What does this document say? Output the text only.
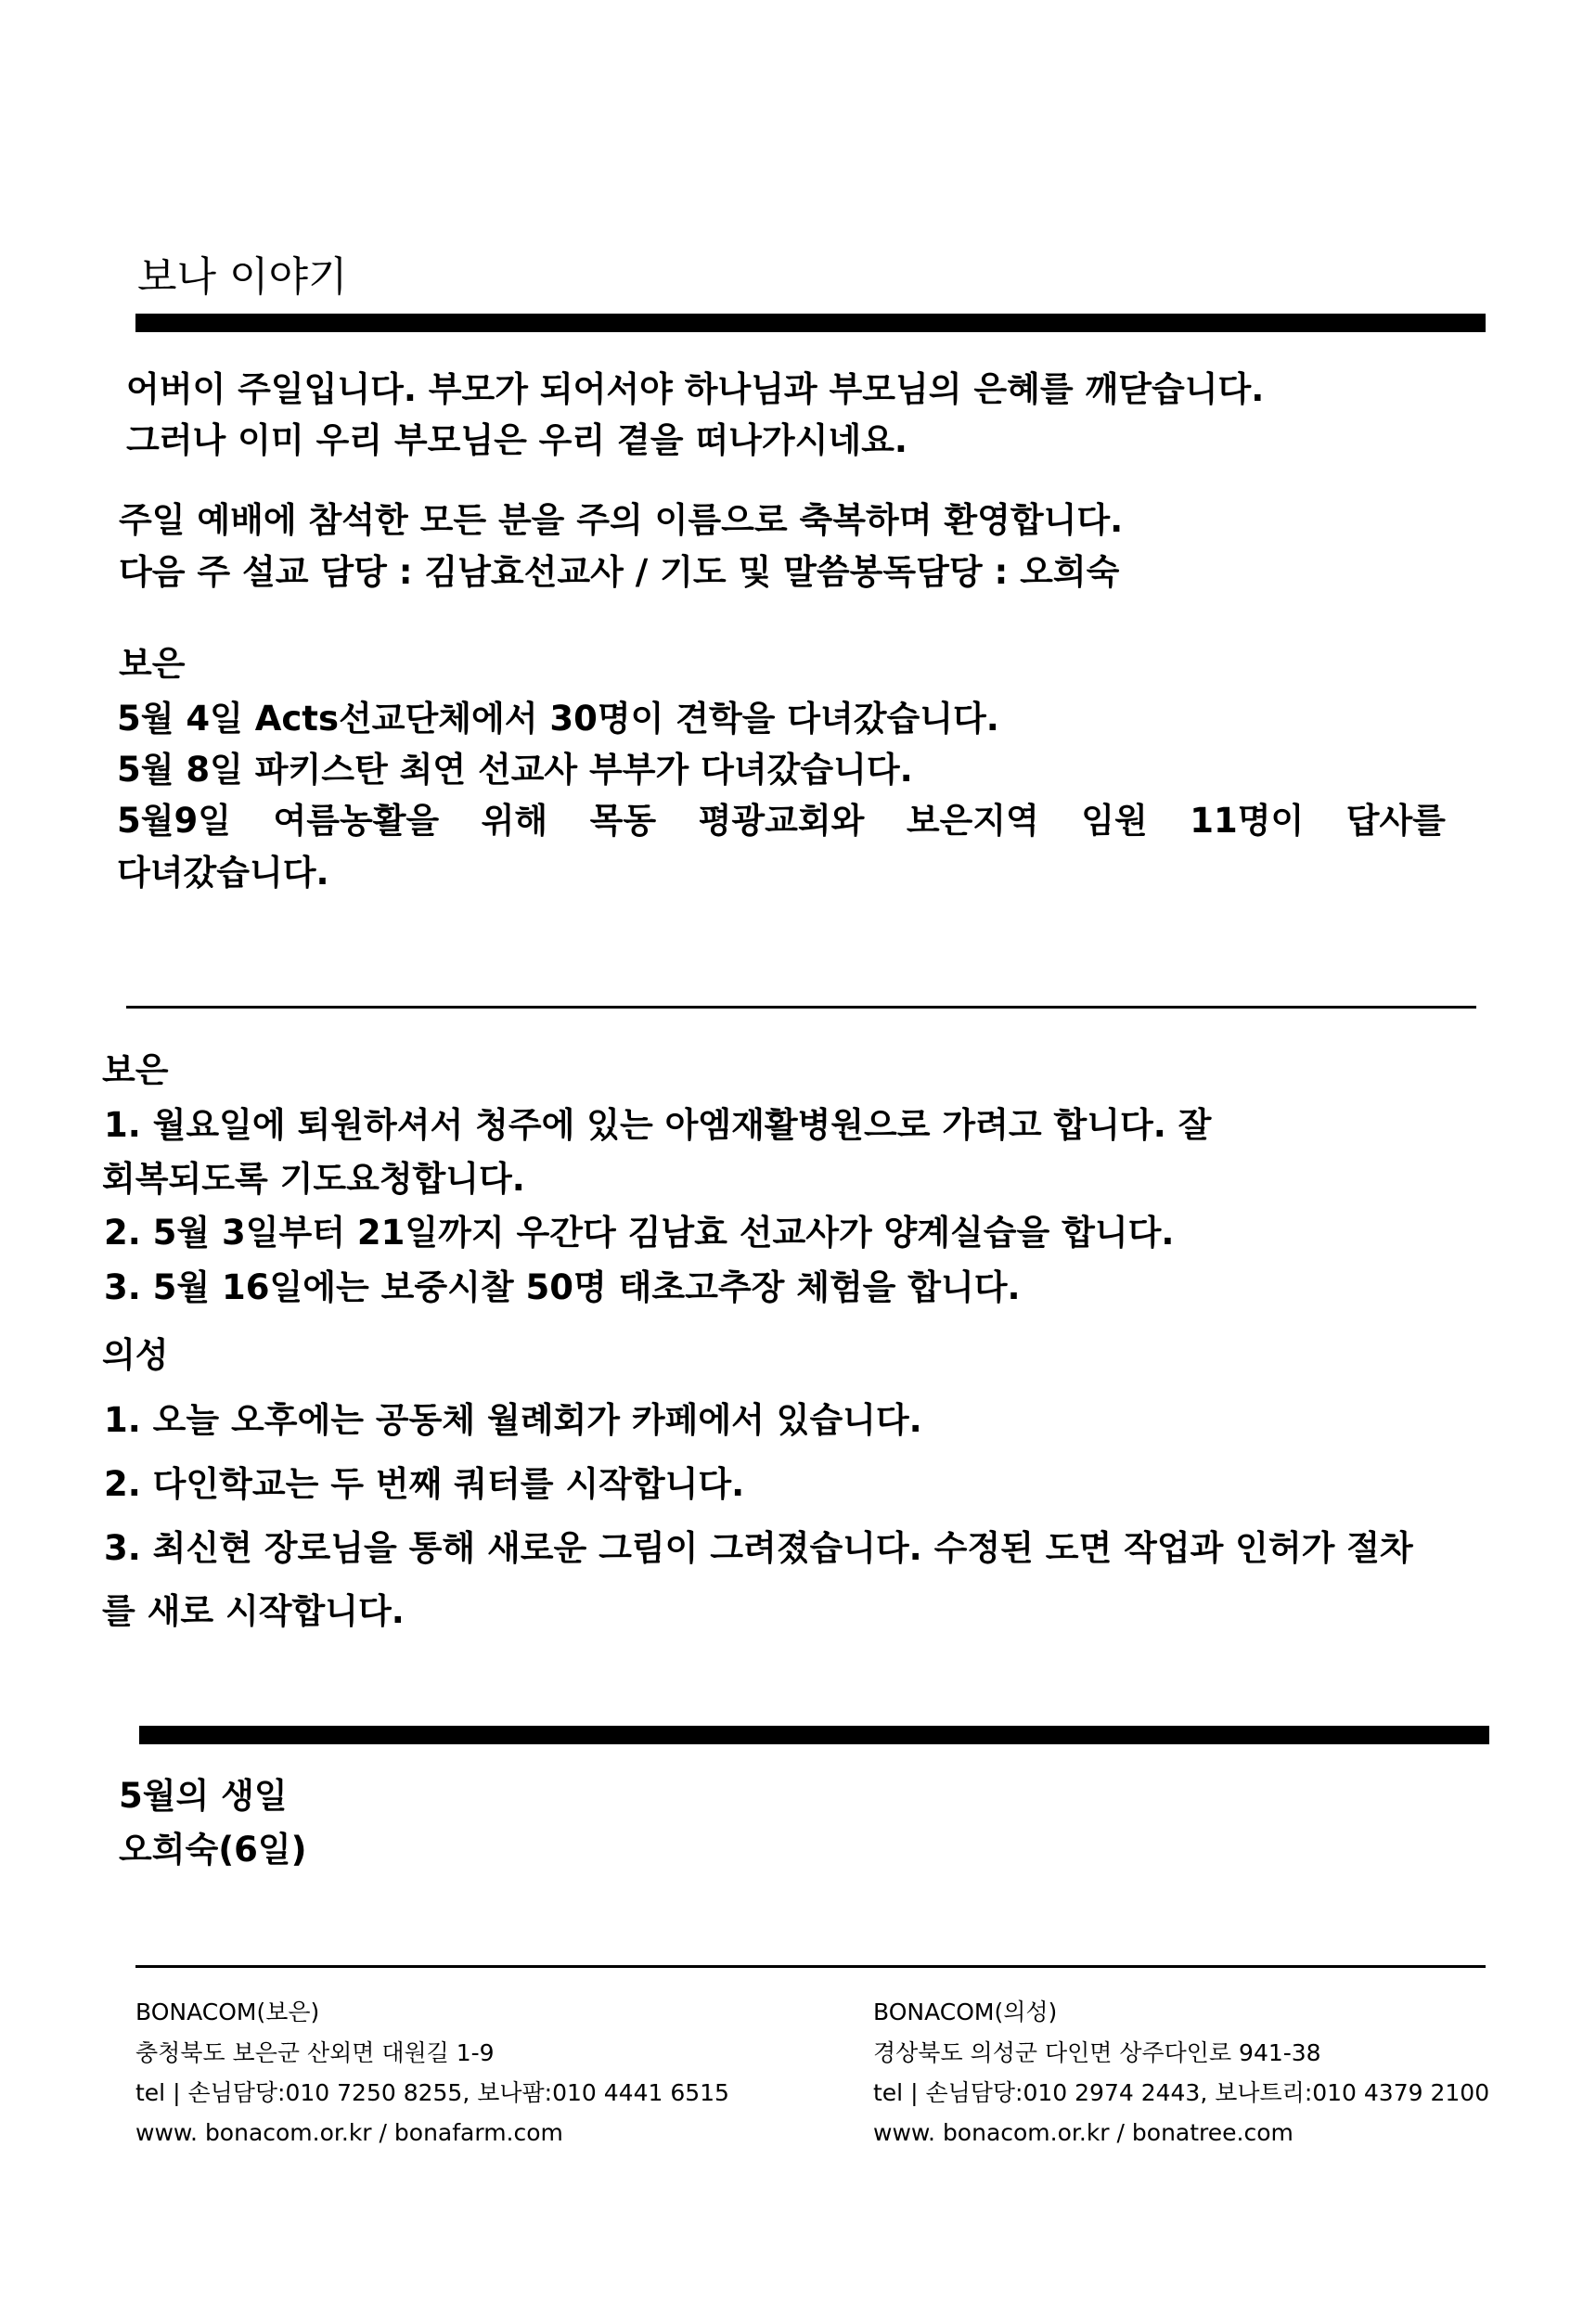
보나 이야기
어버이 주일입니다. 부모가 되어서야 하나님과 부모님의 은혜를 깨닫습니다.
그러나 이미 우리 부모님은 우리 곁을 떠나가시네요.
주일 예배에 참석한 모든 분을 주의 이름으로 축복하며 환영합니다.
다음 주 설교 담당 : 김남효선교사 / 기도 및 말씀봉독담당 : 오희숙
보은
5월 4일 Acts선교단체에서 30명이 견학을 다녀갔습니다.
5월 8일 파키스탄 최연 선교사 부부가 다녀갔습니다.
5월9일 여름농활을 위해 목동 평광교회와 보은지역 임원 11명이 답사를
다녀갔습니다.
보은
1. 월요일에 퇴원하셔서 청주에 있는 아엠재활병원으로 가려고 합니다. 잘
회복되도록 기도요청합니다.
2. 5월 3일부터 21일까지 우간다 김남효 선교사가 양계실습을 합니다.
3. 5월 16일에는 보중시찰 50명 태초고추장 체험을 합니다.
의성
1. 오늘 오후에는 공동체 월례회가 카페에서 있습니다.
2. 다인학교는 두 번째 쿼터를 시작합니다.
3. 최신현 장로님을 통해 새로운 그림이 그려졌습니다. 수정된 도면 작업과 인허가 절차
를 새로 시작합니다.
5월의 생일
오희숙(6일)
BONACOM(보은)
충청북도 보은군 산외면 대원길 1-9
tel | 손님담당:010 7250 8255, 보나팜:010 4441 6515
www. bonacom.or.kr / bonafarm.com
BONACOM(의성)
경상북도 의성군 다인면 상주다인로 941-38
tel | 손님담당:010 2974 2443, 보나트리:010 4379 2100
www. bonacom.or.kr / bonatree.com
